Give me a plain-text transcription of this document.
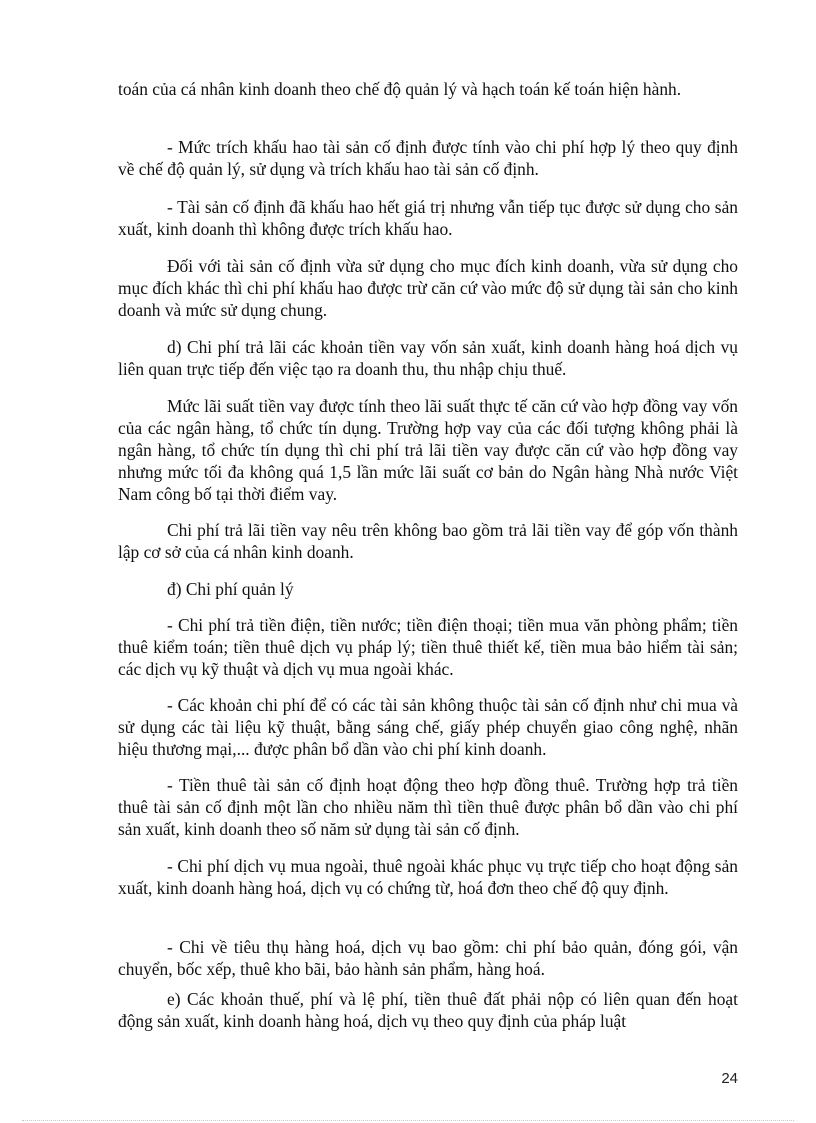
toán của cá nhân kinh doanh theo chế độ quản lý và hạch toán kế toán hiện hành.

- Mức trích khấu hao tài sản cố định được tính vào chi phí hợp lý theo quy định về chế độ quản lý, sử dụng và trích khấu hao tài sản cố định.

- Tài sản cố định đã khấu hao hết giá trị nhưng vẫn tiếp tục được sử dụng cho sản xuất, kinh doanh thì không được trích khấu hao.

Đối với tài sản cố định vừa sử dụng cho mục đích kinh doanh, vừa sử dụng cho mục đích khác thì chi phí khấu hao được trừ căn cứ vào mức độ sử dụng tài sản cho kinh doanh và mức sử dụng chung.

d) Chi phí trả lãi các khoản tiền vay vốn sản xuất, kinh doanh hàng hoá dịch vụ liên quan trực tiếp đến việc tạo ra doanh thu, thu nhập chịu thuế.

Mức lãi suất tiền vay được tính theo lãi suất thực tế căn cứ vào hợp đồng vay vốn của các ngân hàng, tổ chức tín dụng. Trường hợp vay của các đối tượng không phải là ngân hàng, tổ chức tín dụng thì chi phí trả lãi tiền vay được căn cứ vào hợp đồng vay nhưng mức tối đa không quá 1,5 lần mức lãi suất cơ bản do Ngân hàng Nhà nước Việt Nam công bố tại thời điểm vay.

Chi phí trả lãi tiền vay nêu trên không bao gồm trả lãi tiền vay để góp vốn thành lập cơ sở của cá nhân kinh doanh.

đ) Chi phí quản lý

- Chi phí trả tiền điện, tiền nước; tiền điện thoại; tiền mua văn phòng phẩm; tiền thuê kiểm toán; tiền thuê dịch vụ pháp lý; tiền thuê thiết kế, tiền mua bảo hiểm tài sản; các dịch vụ kỹ thuật và dịch vụ mua ngoài khác.

- Các khoản chi phí để có các tài sản không thuộc tài sản cố định như chi mua và sử dụng các tài liệu kỹ thuật, bằng sáng chế, giấy phép chuyển giao công nghệ, nhãn hiệu thương mại,... được phân bổ dần vào chi phí kinh doanh.

- Tiền thuê tài sản cố định hoạt động theo hợp đồng thuê. Trường hợp trả tiền thuê tài sản cố định một lần cho nhiều năm thì tiền thuê được phân bổ dần vào chi phí sản xuất, kinh doanh theo số năm sử dụng tài sản cố định.

- Chi phí dịch vụ mua ngoài, thuê ngoài khác phục vụ trực tiếp cho hoạt động sản xuất, kinh doanh hàng hoá, dịch vụ có chứng từ, hoá đơn theo chế độ quy định.

- Chi về tiêu thụ hàng hoá, dịch vụ bao gồm: chi phí bảo quản, đóng gói, vận chuyển, bốc xếp, thuê kho bãi, bảo hành sản phẩm, hàng hoá.

e) Các khoản thuế, phí và lệ phí, tiền thuê đất phải nộp có liên quan đến hoạt động sản xuất, kinh doanh hàng hoá, dịch vụ theo quy định của pháp luật

24
